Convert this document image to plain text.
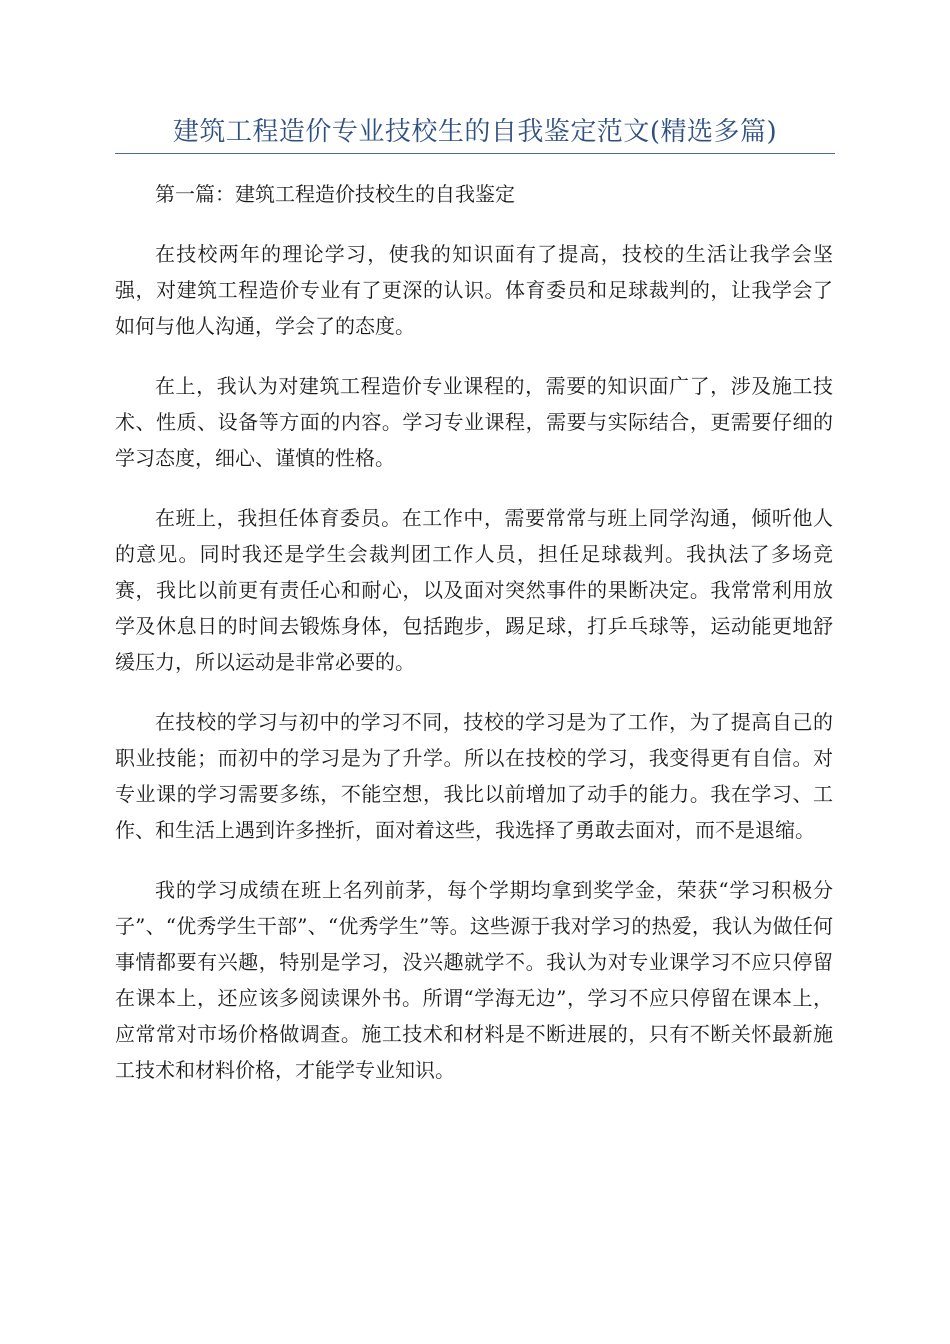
建筑工程造价专业技校生的自我鉴定范文(精选多篇)

第一篇：建筑工程造价技校生的自我鉴定

在技校两年的理论学习，使我的知识面有了提高，技校的生活让我学会坚强，对建筑工程造价专业有了更深的认识。体育委员和足球裁判的，让我学会了如何与他人沟通，学会了的态度。

在上，我认为对建筑工程造价专业课程的，需要的知识面广了，涉及施工技术、性质、设备等方面的内容。学习专业课程，需要与实际结合，更需要仔细的学习态度，细心、谨慎的性格。

在班上，我担任体育委员。在工作中，需要常常与班上同学沟通，倾听他人的意见。同时我还是学生会裁判团工作人员，担任足球裁判。我执法了多场竞赛，我比以前更有责任心和耐心，以及面对突然事件的果断决定。我常常利用放学及休息日的时间去锻炼身体，包括跑步，踢足球，打乒乓球等，运动能更地舒缓压力，所以运动是非常必要的。

在技校的学习与初中的学习不同，技校的学习是为了工作，为了提高自己的职业技能；而初中的学习是为了升学。所以在技校的学习，我变得更有自信。对专业课的学习需要多练，不能空想，我比以前增加了动手的能力。我在学习、工作、和生活上遇到许多挫折，面对着这些，我选择了勇敢去面对，而不是退缩。

我的学习成绩在班上名列前茅，每个学期均拿到奖学金，荣获“学习积极分子”、“优秀学生干部”、“优秀学生”等。这些源于我对学习的热爱，我认为做任何事情都要有兴趣，特别是学习，没兴趣就学不。我认为对专业课学习不应只停留在课本上，还应该多阅读课外书。所谓“学海无边”，学习不应只停留在课本上，应常常对市场价格做调查。施工技术和材料是不断进展的，只有不断关怀最新施工技术和材料价格，才能学专业知识。
